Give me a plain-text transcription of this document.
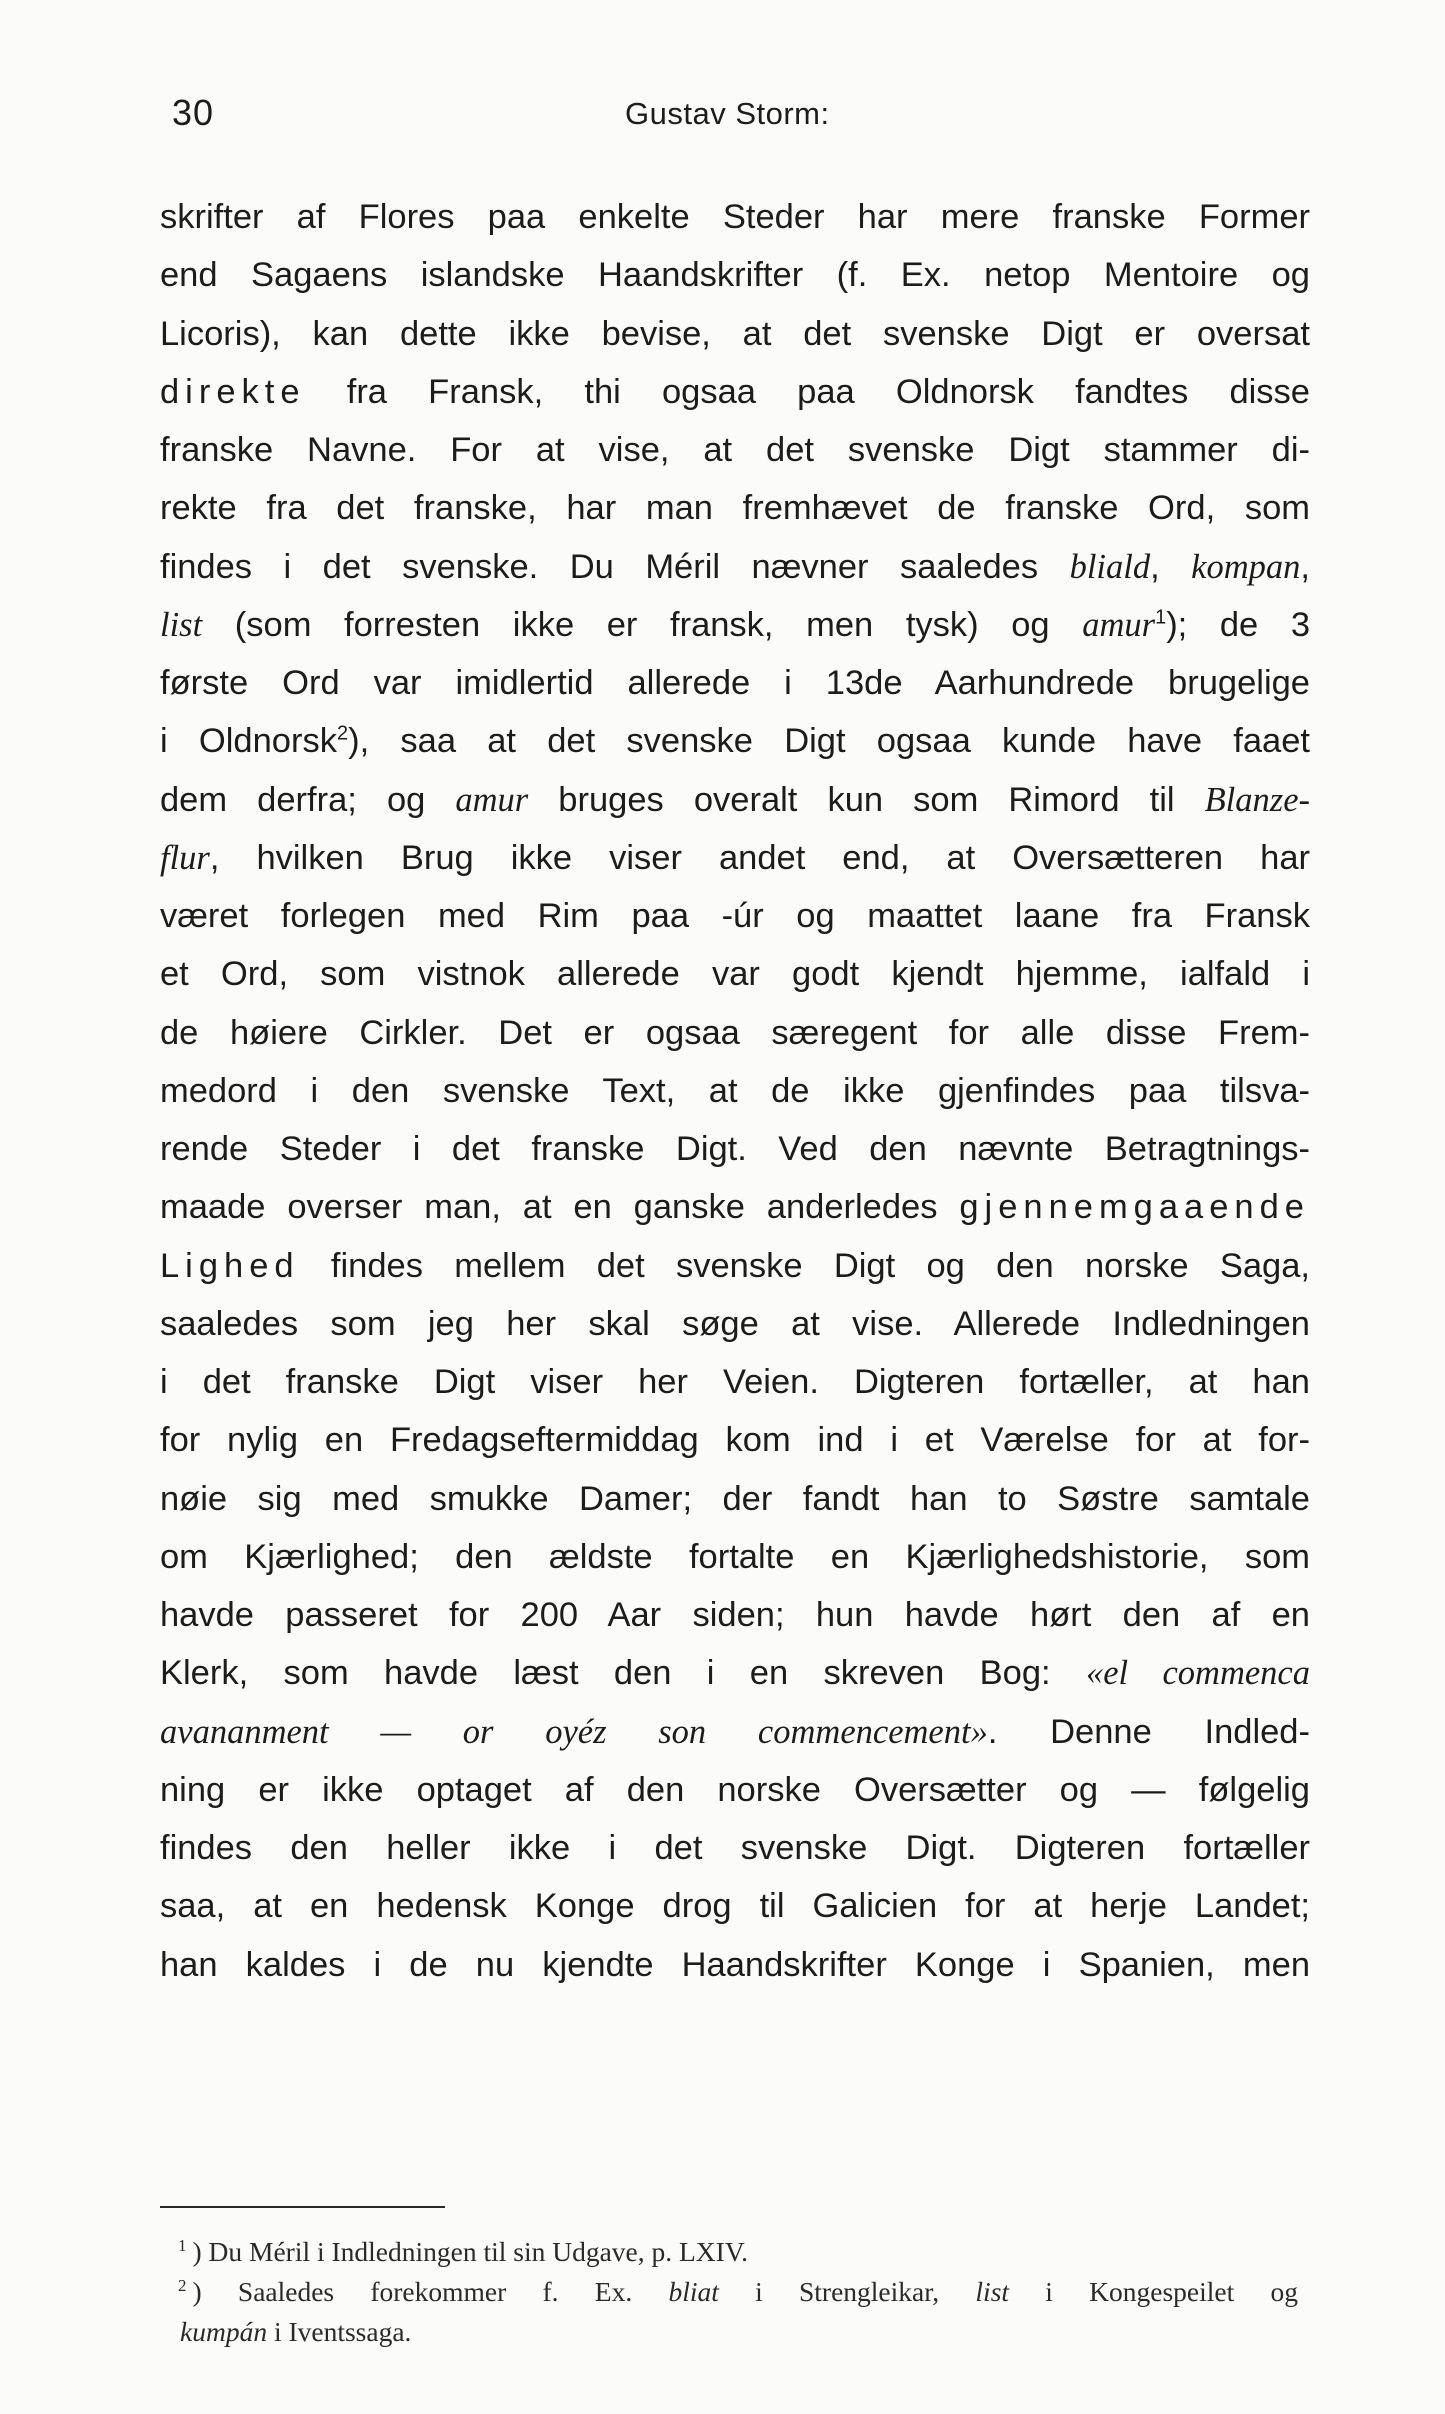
30	Gustav Storm:
skrifter af Flores paa enkelte Steder har mere franske Former
end Sagaens islandske Haandskrifter (f. Ex. netop Mentoire og
Licoris), kan dette ikke bevise, at det svenske Digt er oversat
direkte fra Fransk, thi ogsaa paa Oldnorsk fandtes disse
franske Navne. For at vise, at det svenske Digt stammer di-
rekte fra det franske, har man fremhævet de franske Ord, som
findes i det svenske. Du Méril nævner saaledes bliald, kompan,
list (som forresten ikke er fransk, men tysk) og amur$^1$); de 3
første Ord var imidlertid allerede i 13de Aarhundrede brugelige
i Oldnorsk$^2$), saa at det svenske Digt ogsaa kunde have faaet
dem derfra; og amur bruges overalt kun som Rimord til Blanze-
flur, hvilken Brug ikke viser andet end, at Oversætteren har
været forlegen med Rim paa -úr og maattet laane fra Fransk
et Ord, som vistnok allerede var godt kjendt hjemme, ialfald i
de høiere Cirkler. Det er ogsaa særegent for alle disse Frem-
medord i den svenske Text, at de ikke gjenfindes paa tilsva-
rende Steder i det franske Digt. Ved den nævnte Betragtnings-
maade overser man, at en ganske anderledes gjennemgaaende
Lighed findes mellem det svenske Digt og den norske Saga,
saaledes som jeg her skal søge at vise. Allerede Indledningen
i det franske Digt viser her Veien. Digteren fortæller, at han
for nylig en Fredagseftermiddag kom ind i et Værelse for at for-
nøie sig med smukke Damer; der fandt han to Søstre samtale
om Kjærlighed; den ældste fortalte en Kjærlighedshistorie, som
havde passeret for 200 Aar siden; hun havde hørt den af en
Klerk, som havde læst den i en skreven Bog: «el commenca
avananment — or oyéz son commencement». Denne Indled-
ning er ikke optaget af den norske Oversætter og — følgelig
findes den heller ikke i det svenske Digt. Digteren fortæller
saa, at en hedensk Konge drog til Galicien for at herje Landet;
han kaldes i de nu kjendte Haandskrifter Konge i Spanien, men
$^1$ ) Du Méril i Indledningen til sin Udgave, p. LXIV.
$^2$ ) Saaledes forekommer f. Ex. bliat i Strengleikar, list i Kongespeilet og
kumpán i Iventssaga.
